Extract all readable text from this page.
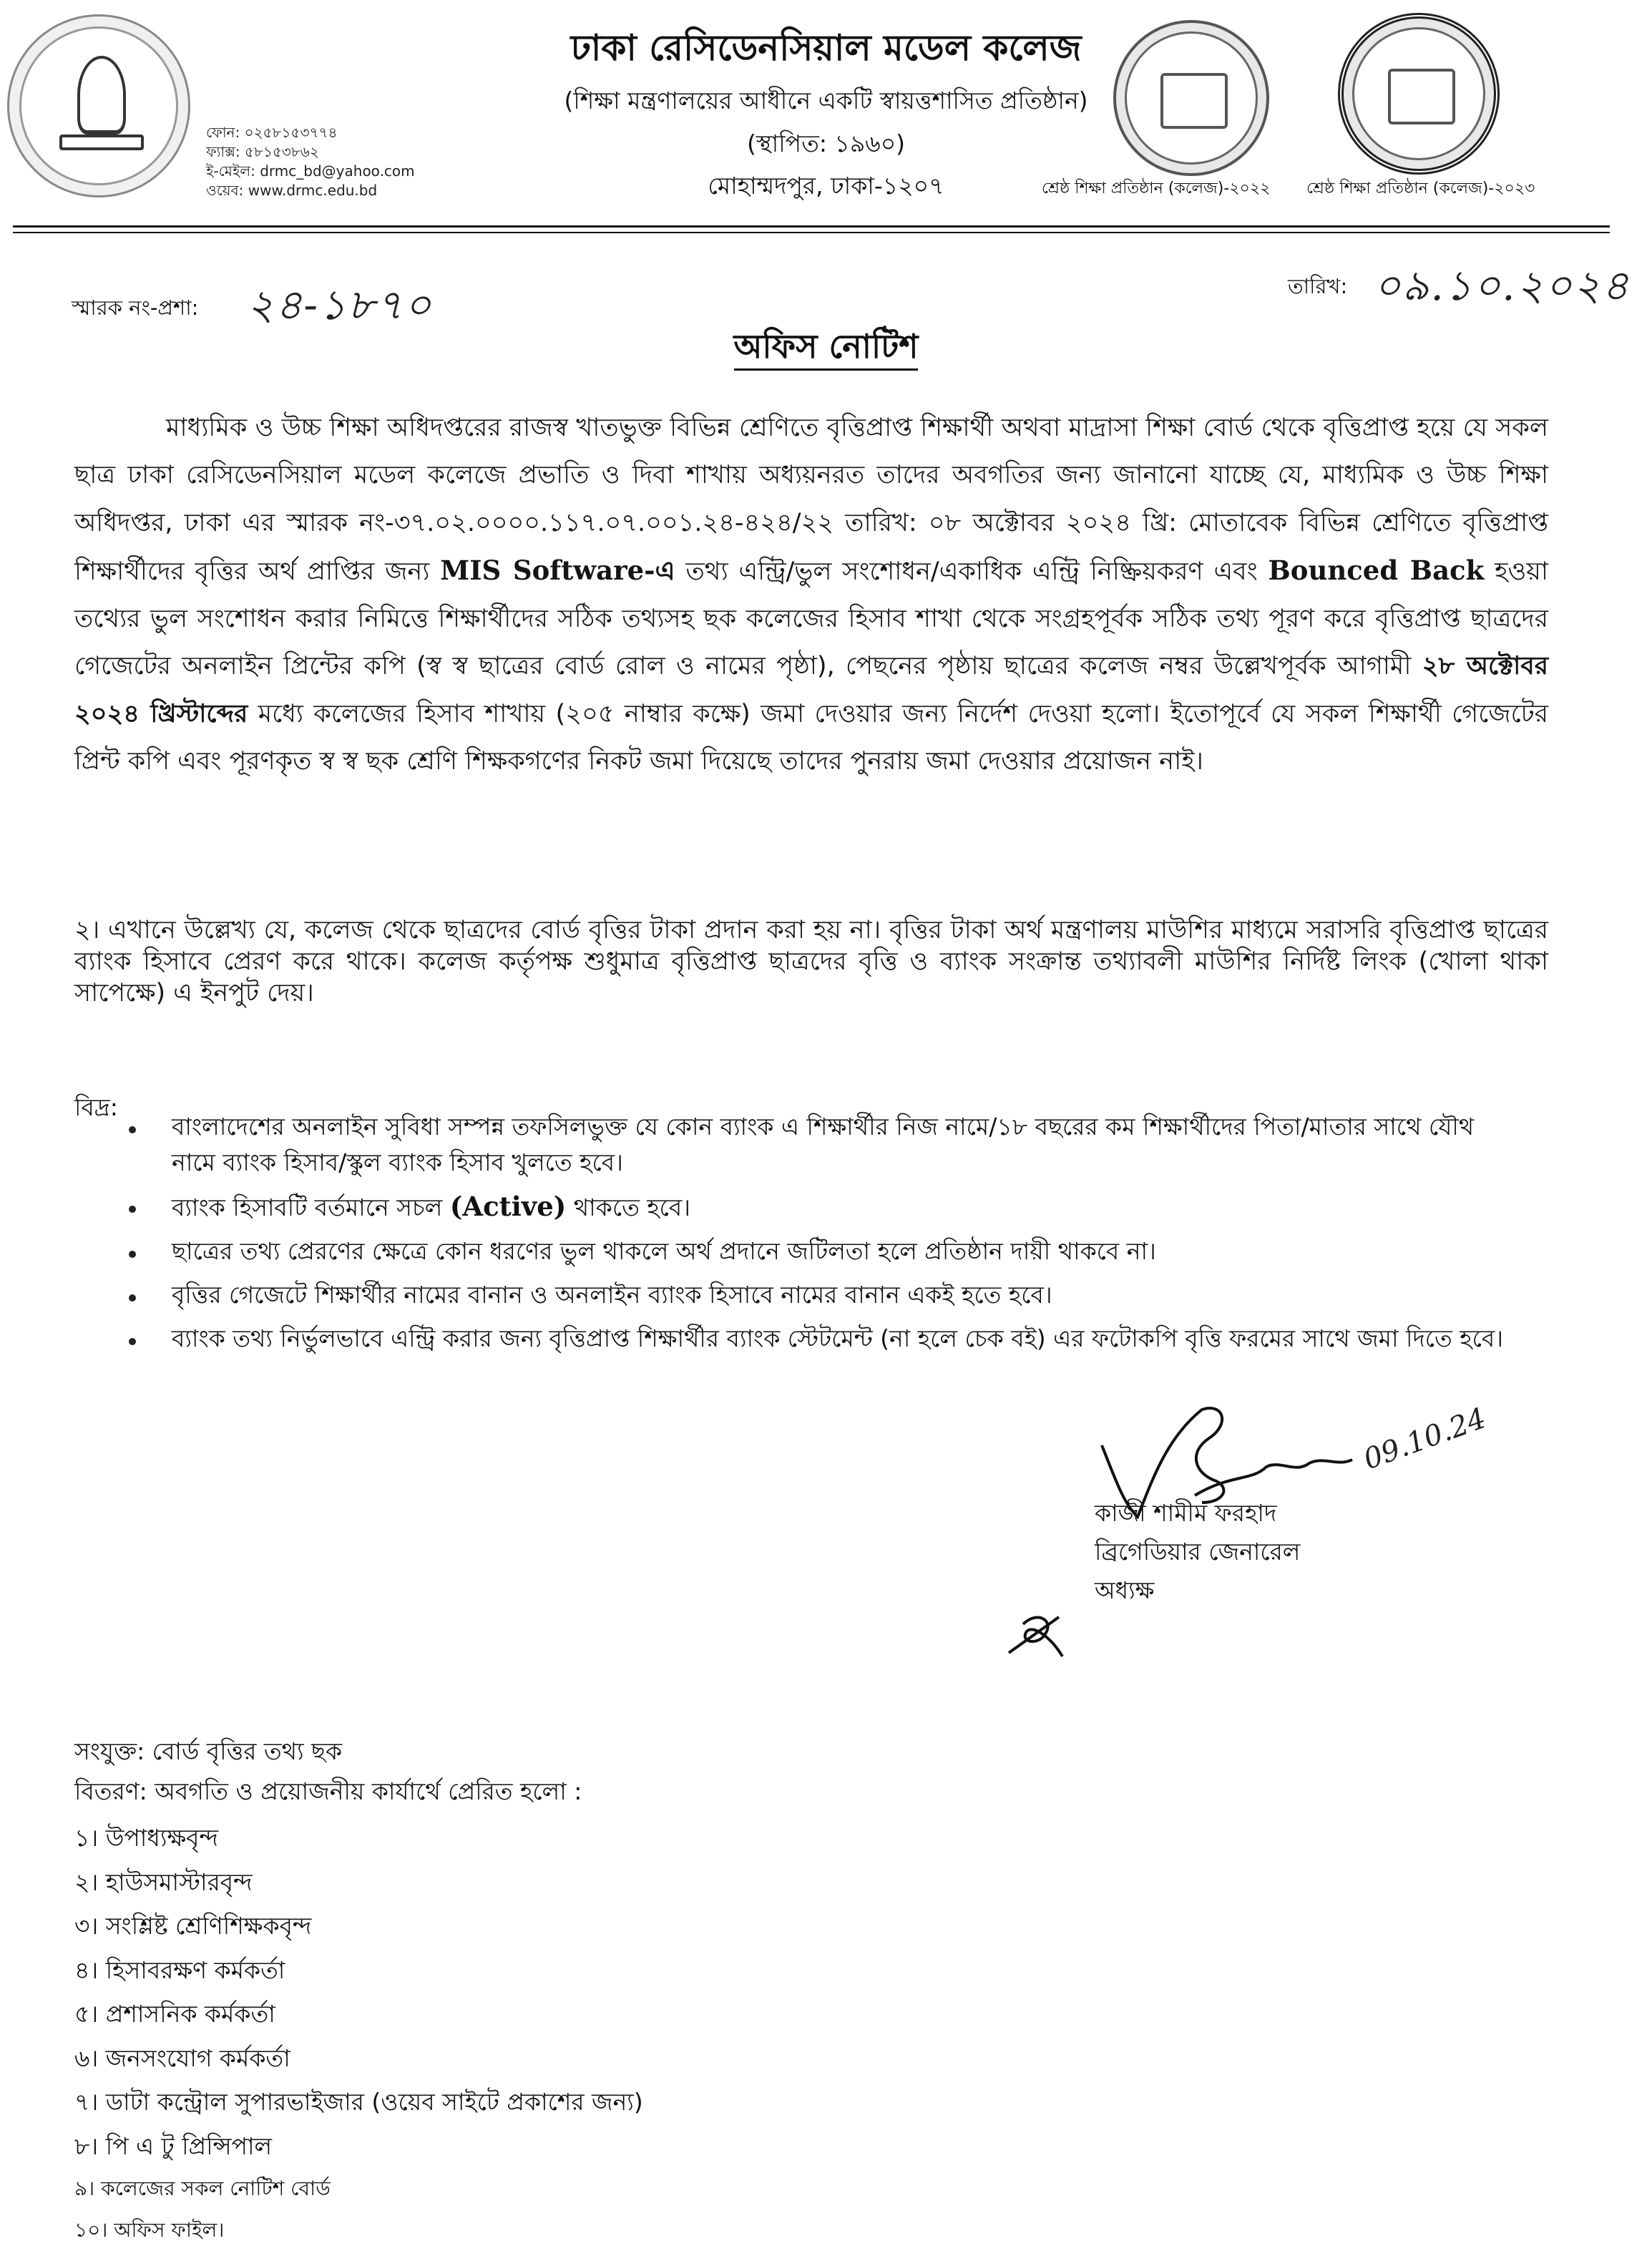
ফোন: ০২৫৮১৫৩৭৭৪
ফ্যাক্স: ৫৮১৫৩৮৬২
ই-মেইল: drmc_bd@yahoo.com
ওয়েব: www.drmc.edu.bd
ঢাকা রেসিডেনসিয়াল মডেল কলেজ
(শিক্ষা মন্ত্রণালয়ের আধীনে একটি স্বায়ত্তশাসিত প্রতিষ্ঠান)
(স্থাপিত: ১৯৬০)
মোহাম্মদপুর, ঢাকা-১২০৭	শ্রেষ্ঠ শিক্ষা প্রতিষ্ঠান (কলেজ)-২০২২ শ্রেষ্ঠ শিক্ষা প্রতিষ্ঠান (কলেজ)-২০২৩
স্মারক নং-প্রশা: ২৪-১৮৭০	তারিখ: ০৯.১০.২০২৪
অফিস নোটিশ
মাধ্যমিক ও উচ্চ শিক্ষা অধিদপ্তরের রাজস্ব খাতভুক্ত বিভিন্ন শ্রেণিতে বৃত্তিপ্রাপ্ত শিক্ষার্থী অথবা মাদ্রাসা শিক্ষা বোর্ড থেকে বৃত্তিপ্রাপ্ত হয়ে যে সকল ছাত্র ঢাকা রেসিডেনসিয়াল মডেল কলেজে প্রভাতি ও দিবা শাখায় অধ্যয়নরত তাদের অবগতির জন্য জানানো যাচ্ছে যে, মাধ্যমিক ও উচ্চ শিক্ষা অধিদপ্তর, ঢাকা এর স্মারক নং-৩৭.০২.০০০০.১১৭.০৭.০০১.২৪-৪২৪/২২ তারিখ: ০৮ অক্টোবর ২০২৪ খ্রি: মোতাবেক বিভিন্ন শ্রেণিতে বৃত্তিপ্রাপ্ত শিক্ষার্থীদের বৃত্তির অর্থ প্রাপ্তির জন্য MIS Software-এ তথ্য এন্ট্রি/ভুল সংশোধন/একাধিক এন্ট্রি নিষ্ক্রিয়করণ এবং Bounced Back হওয়া তথ্যের ভুল সংশোধন করার নিমিত্তে শিক্ষার্থীদের সঠিক তথ্যসহ ছক কলেজের হিসাব শাখা থেকে সংগ্রহপূর্বক সঠিক তথ্য পূরণ করে বৃত্তিপ্রাপ্ত ছাত্রদের গেজেটের অনলাইন প্রিন্টের কপি (স্ব স্ব ছাত্রের বোর্ড রোল ও নামের পৃষ্ঠা), পেছনের পৃষ্ঠায় ছাত্রের কলেজ নম্বর উল্লেখপূর্বক আগামী ২৮ অক্টোবর ২০২৪ খ্রিস্টাব্দের মধ্যে কলেজের হিসাব শাখায় (২০৫ নাম্বার কক্ষে) জমা দেওয়ার জন্য নির্দেশ দেওয়া হলো। ইতোপূর্বে যে সকল শিক্ষার্থী গেজেটের প্রিন্ট কপি এবং পূরণকৃত স্ব স্ব ছক শ্রেণি শিক্ষকগণের নিকট জমা দিয়েছে তাদের পুনরায় জমা দেওয়ার প্রয়োজন নাই।
২। এখানে উল্লেখ্য যে, কলেজ থেকে ছাত্রদের বোর্ড বৃত্তির টাকা প্রদান করা হয় না। বৃত্তির টাকা অর্থ মন্ত্রণালয় মাউশির মাধ্যমে সরাসরি বৃত্তিপ্রাপ্ত ছাত্রের ব্যাংক হিসাবে প্রেরণ করে থাকে। কলেজ কর্তৃপক্ষ শুধুমাত্র বৃত্তিপ্রাপ্ত ছাত্রদের বৃত্তি ও ব্যাংক সংক্রান্ত তথ্যাবলী মাউশির নির্দিষ্ট লিংক (খোলা থাকা সাপেক্ষে) এ ইনপুট দেয়।
বিদ্র:
বাংলাদেশের অনলাইন সুবিধা সম্পন্ন তফসিলভুক্ত যে কোন ব্যাংক এ শিক্ষার্থীর নিজ নামে/১৮ বছরের কম শিক্ষার্থীদের পিতা/মাতার সাথে যৌথ নামে ব্যাংক হিসাব/স্কুল ব্যাংক হিসাব খুলতে হবে।
ব্যাংক হিসাবটি বর্তমানে সচল (Active) থাকতে হবে।
ছাত্রের তথ্য প্রেরণের ক্ষেত্রে কোন ধরণের ভুল থাকলে অর্থ প্রদানে জটিলতা হলে প্রতিষ্ঠান দায়ী থাকবে না।
বৃত্তির গেজেটে শিক্ষার্থীর নামের বানান ও অনলাইন ব্যাংক হিসাবে নামের বানান একই হতে হবে।
ব্যাংক তথ্য নির্ভুলভাবে এন্ট্রি করার জন্য বৃত্তিপ্রাপ্ত শিক্ষার্থীর ব্যাংক স্টেটমেন্ট (না হলে চেক বই) এর ফটোকপি বৃত্তি ফরমের সাথে জমা দিতে হবে।
09.10.24
কাজী শামীম ফরহাদ
ব্রিগেডিয়ার জেনারেল
অধ্যক্ষ
সংযুক্ত: বোর্ড বৃত্তির তথ্য ছক
বিতরণ: অবগতি ও প্রয়োজনীয় কার্যার্থে প্রেরিত হলো :
১। উপাধ্যক্ষবৃন্দ
২। হাউসমাস্টারবৃন্দ
৩। সংশ্লিষ্ট শ্রেণিশিক্ষকবৃন্দ
৪। হিসাবরক্ষণ কর্মকর্তা
৫। প্রশাসনিক কর্মকর্তা
৬। জনসংযোগ কর্মকর্তা
৭। ডাটা কন্ট্রোল সুপারভাইজার (ওয়েব সাইটে প্রকাশের জন্য)
৮। পি এ টু প্রিন্সিপাল
৯। কলেজের সকল নোটিশ বোর্ড
১০। অফিস ফাইল।
